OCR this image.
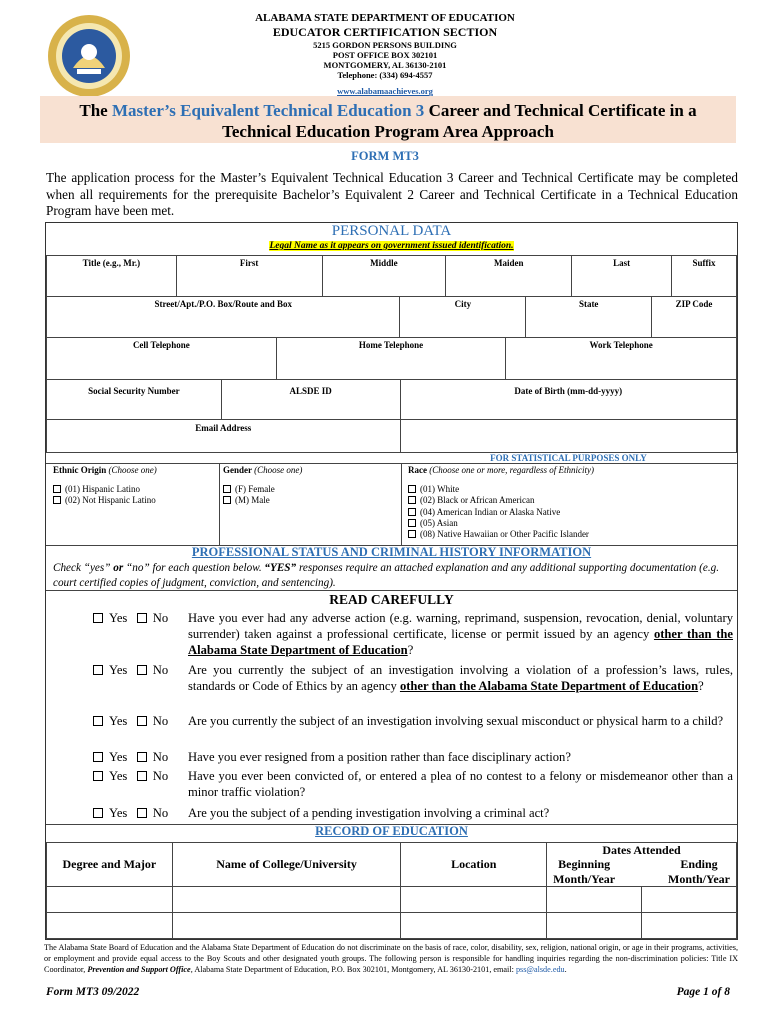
ALABAMA STATE DEPARTMENT OF EDUCATION
EDUCATOR CERTIFICATION SECTION
5215 GORDON PERSONS BUILDING
POST OFFICE BOX 302101
MONTGOMERY, AL 36130-2101
Telephone: (334) 694-4557
www.alabamaachieves.org
The Master’s Equivalent Technical Education 3 Career and Technical Certificate in a
Technical Education Program Area Approach
FORM MT3
The application process for the Master’s Equivalent Technical Education 3 Career and Technical Certificate may be completed when all requirements for the prerequisite Bachelor’s Equivalent 2 Career and Technical Certificate in a Technical Education Program have been met.
PERSONAL DATA
Legal Name as it appears on government issued identification.
Title (e.g., Mr.)	First	Middle	Maiden	Last	Suffix

Street/Apt./P.O. Box/Route and Box	City	State	ZIP Code

Cell Telephone	Home Telephone	Work Telephone

Social Security Number	ALSDE ID	Date of Birth (mm-dd-yyyy)
Email Address		
FOR STATISTICAL PURPOSES ONLY
Ethnic Origin (Choose one)
(01) Hispanic Latino
(02) Not Hispanic Latino
Gender (Choose one)
(F) Female
(M) Male
Race (Choose one or more, regardless of Ethnicity)
(01) White
(02) Black or African American
(04) American Indian or Alaska Native
(05) Asian
(08) Native Hawaiian or Other Pacific Islander
PROFESSIONAL STATUS AND CRIMINAL HISTORY INFORMATION
Check “yes” or “no” for each question below. “YES” responses require an attached explanation and any additional supporting documentation (e.g. court certified copies of judgment, conviction, and sentencing).
READ CAREFULLY
Yes No Have you ever had any adverse action (e.g. warning, reprimand, suspension, revocation, denial, voluntary surrender) taken against a professional certificate, license or permit issued by an agency other than the Alabama State Department of Education?
Yes No Are you currently the subject of an investigation involving a violation of a profession’s laws, rules, standards or Code of Ethics by an agency other than the Alabama State Department of Education?
Yes No Are you currently the subject of an investigation involving sexual misconduct or physical harm to a child?
Yes No Have you ever resigned from a position rather than face disciplinary action?
Yes No Have you ever been convicted of, or entered a plea of no contest to a felony or misdemeanor other than a minor traffic violation?
Yes No Are you the subject of a pending investigation involving a criminal act?
RECORD OF EDUCATION
Degree and Major	Name of College/University	Location	Dates Attended
Beginning
Month/Year
Ending
Month/Year

The Alabama State Board of Education and the Alabama State Department of Education do not discriminate on the basis of race, color, disability, sex, religion, national origin, or age in their programs, activities, or employment and provide equal access to the Boy Scouts and other designated youth groups. The following person is responsible for handling inquiries regarding the non-discrimination policies: Title IX Coordinator, Prevention and Support Office, Alabama State Department of Education, P.O. Box 302101, Montgomery, AL 36130-2101, email: pss@alsde.edu.
Form MT3 09/2022	Page 1 of 8
